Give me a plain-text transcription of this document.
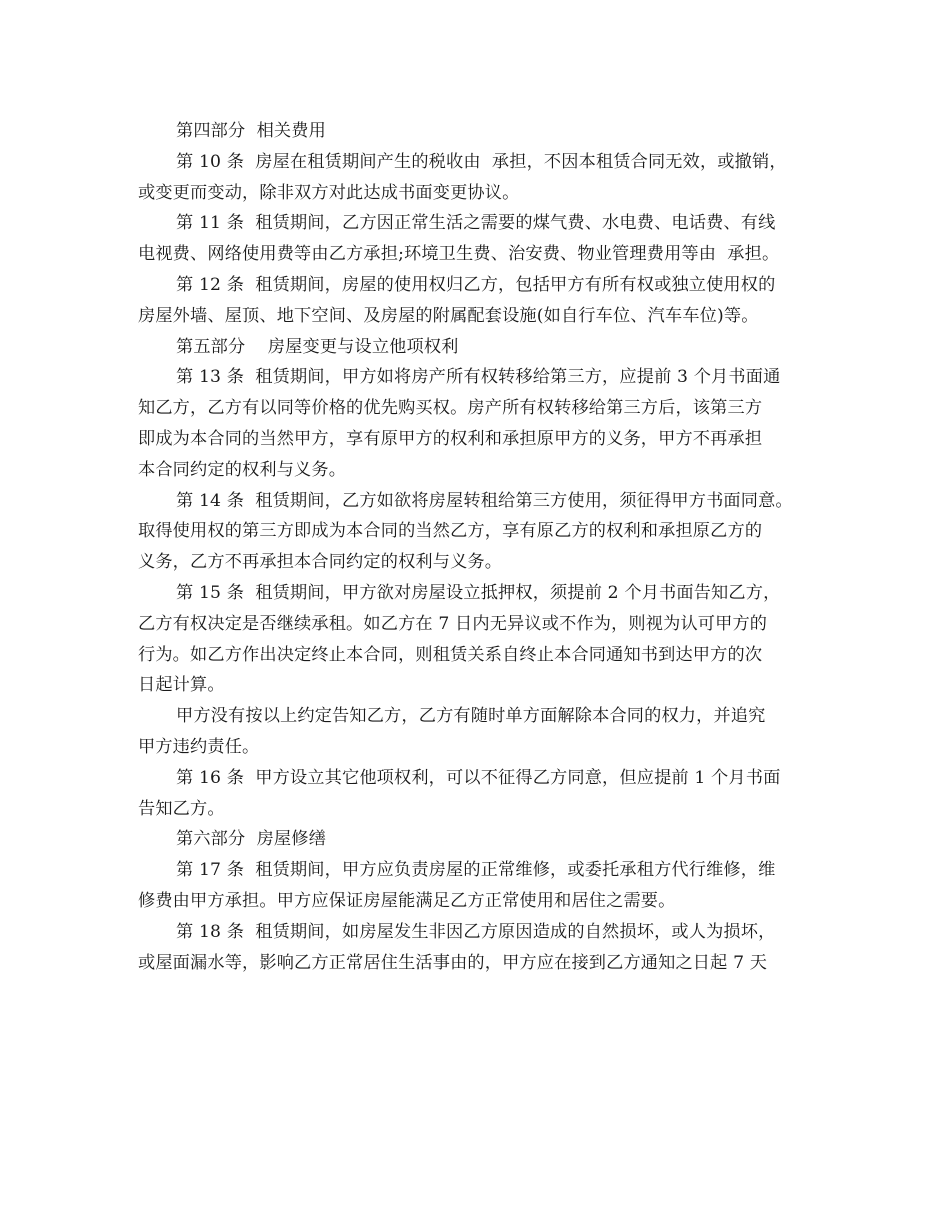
第四部分  相关费用
第 10 条  房屋在租赁期间产生的税收由  承担，不因本租赁合同无效，或撤销，
或变更而变动，除非双方对此达成书面变更协议。
第 11 条  租赁期间，乙方因正常生活之需要的煤气费、水电费、电话费、有线
电视费、网络使用费等由乙方承担;环境卫生费、治安费、物业管理费用等由  承担。
第 12 条  租赁期间，房屋的使用权归乙方，包括甲方有所有权或独立使用权的
房屋外墙、屋顶、地下空间、及房屋的附属配套设施(如自行车位、汽车车位)等。
第五部分    房屋变更与设立他项权利
第 13 条  租赁期间，甲方如将房产所有权转移给第三方，应提前 3 个月书面通
知乙方，乙方有以同等价格的优先购买权。房产所有权转移给第三方后，该第三方
即成为本合同的当然甲方，享有原甲方的权利和承担原甲方的义务，甲方不再承担
本合同约定的权利与义务。
第 14 条  租赁期间，乙方如欲将房屋转租给第三方使用，须征得甲方书面同意。
取得使用权的第三方即成为本合同的当然乙方，享有原乙方的权利和承担原乙方的
义务，乙方不再承担本合同约定的权利与义务。
第 15 条  租赁期间，甲方欲对房屋设立抵押权，须提前 2 个月书面告知乙方，
乙方有权决定是否继续承租。如乙方在 7 日内无异议或不作为，则视为认可甲方的
行为。如乙方作出决定终止本合同，则租赁关系自终止本合同通知书到达甲方的次
日起计算。
甲方没有按以上约定告知乙方，乙方有随时单方面解除本合同的权力，并追究
甲方违约责任。
第 16 条  甲方设立其它他项权利，可以不征得乙方同意，但应提前 1 个月书面
告知乙方。
第六部分  房屋修缮
第 17 条  租赁期间，甲方应负责房屋的正常维修，或委托承租方代行维修，维
修费由甲方承担。甲方应保证房屋能满足乙方正常使用和居住之需要。
第 18 条  租赁期间，如房屋发生非因乙方原因造成的自然损坏，或人为损坏，
或屋面漏水等，影响乙方正常居住生活事由的，甲方应在接到乙方通知之日起 7 天
